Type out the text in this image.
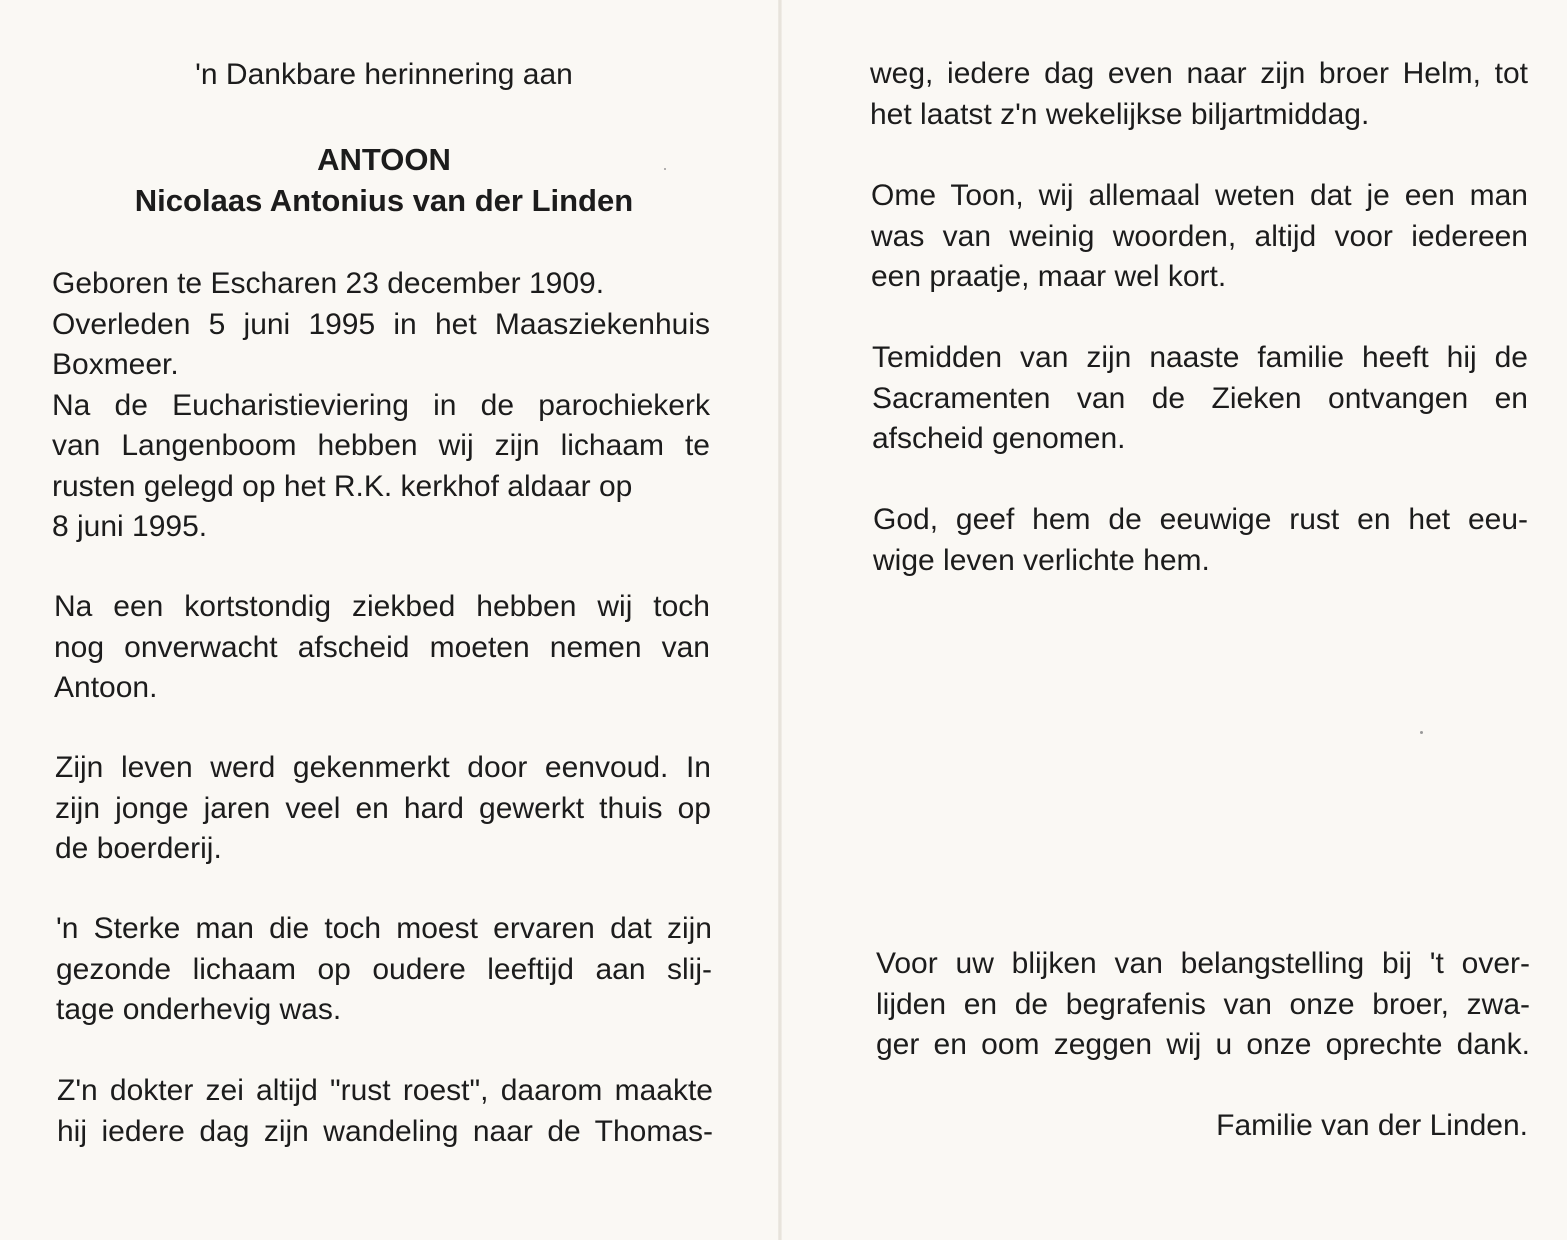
'n Dankbare herinnering aan
ANTOON
Nicolaas Antonius van der Linden
Geboren te Escharen 23 december 1909.
Overleden 5 juni 1995 in het Maasziekenhuis
Boxmeer.
Na de Eucharistieviering in de parochiekerk
van Langenboom hebben wij zijn lichaam te
rusten gelegd op het R.K. kerkhof aldaar op
8 juni 1995.
Na een kortstondig ziekbed hebben wij toch
nog onverwacht afscheid moeten nemen van
Antoon.
Zijn leven werd gekenmerkt door eenvoud. In
zijn jonge jaren veel en hard gewerkt thuis op
de boerderij.
'n Sterke man die toch moest ervaren dat zijn
gezonde lichaam op oudere leeftijd aan slij-
tage onderhevig was.
Z'n dokter zei altijd "rust roest", daarom maakte
hij iedere dag zijn wandeling naar de Thomas-
weg, iedere dag even naar zijn broer Helm, tot
het laatst z'n wekelijkse biljartmiddag.
Ome Toon, wij allemaal weten dat je een man
was van weinig woorden, altijd voor iedereen
een praatje, maar wel kort.
Temidden van zijn naaste familie heeft hij de
Sacramenten van de Zieken ontvangen en
afscheid genomen.
God, geef hem de eeuwige rust en het eeu-
wige leven verlichte hem.
Voor uw blijken van belangstelling bij 't over-
lijden en de begrafenis van onze broer, zwa-
ger en oom zeggen wij u onze oprechte dank.
Familie van der Linden.
